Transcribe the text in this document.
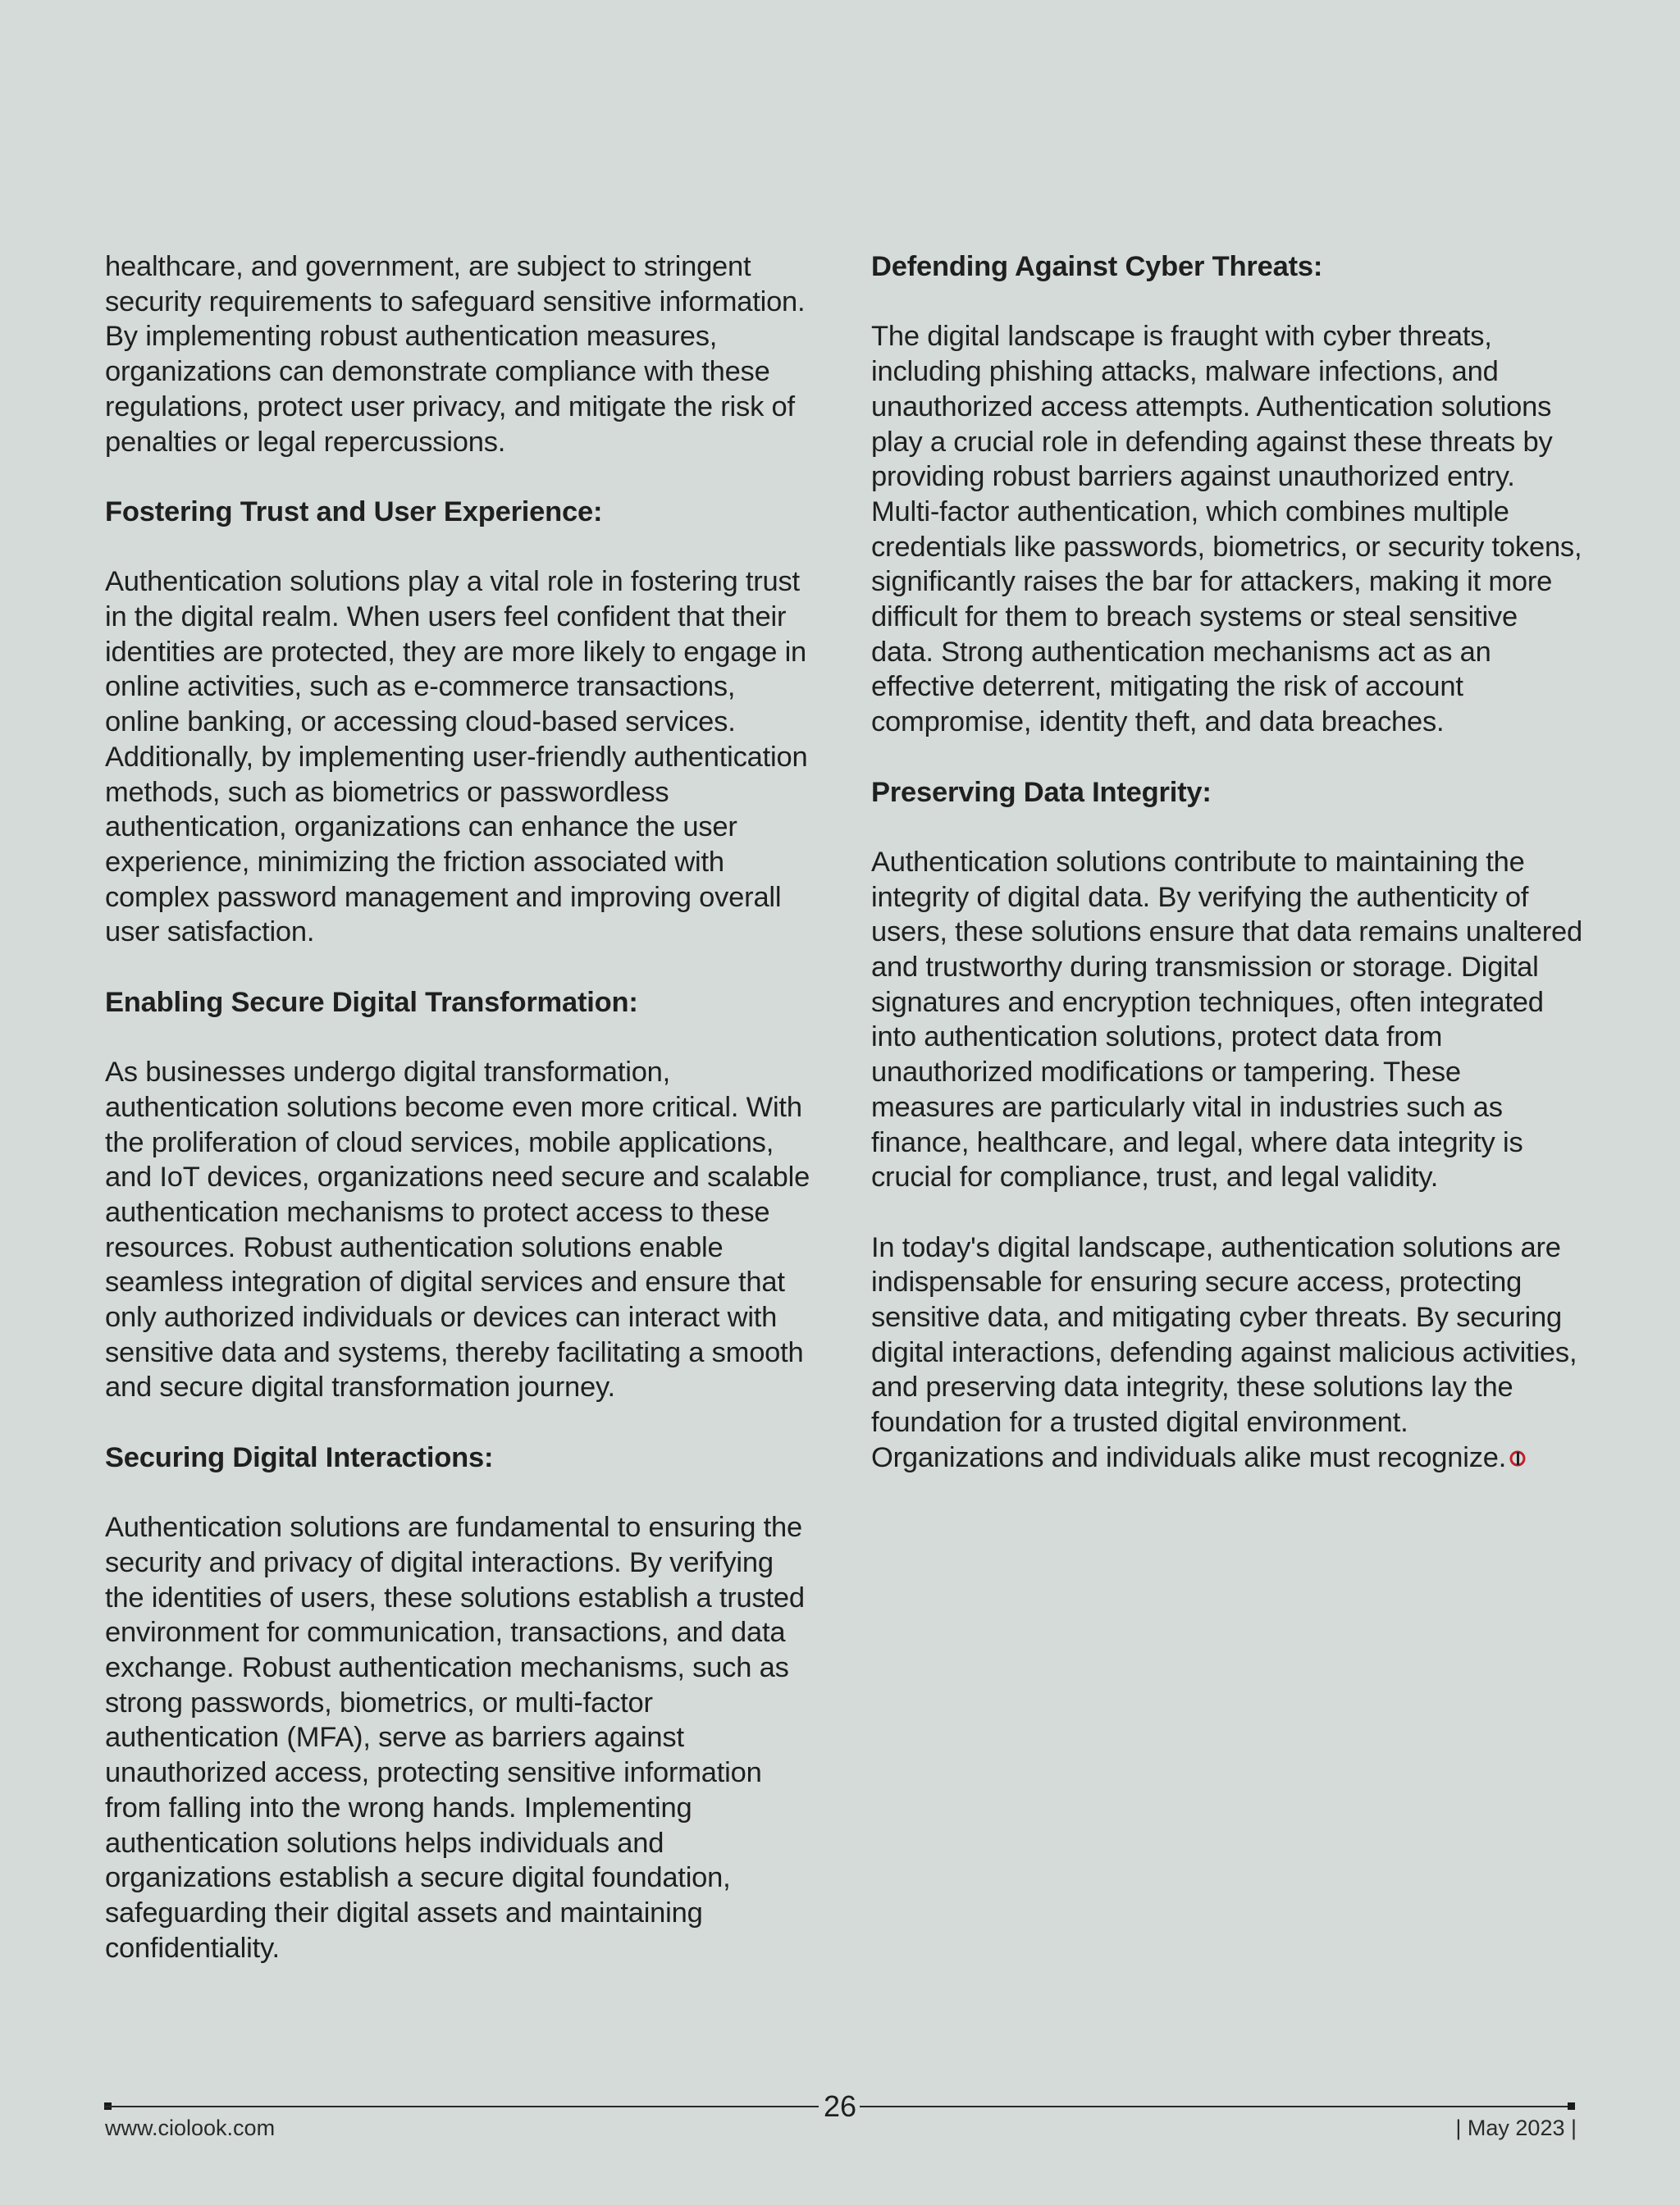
healthcare, and government, are subject to stringent security requirements to safeguard sensitive information. By implementing robust authentication measures, organizations can demonstrate compliance with these regulations, protect user privacy, and mitigate the risk of penalties or legal repercussions.

Fostering Trust and User Experience:

Authentication solutions play a vital role in fostering trust in the digital realm. When users feel confident that their identities are protected, they are more likely to engage in online activities, such as e-commerce transactions, online banking, or accessing cloud-based services. Additionally, by implementing user-friendly authentication methods, such as biometrics or passwordless authentication, organizations can enhance the user experience, minimizing the friction associated with complex password management and improving overall user satisfaction.

Enabling Secure Digital Transformation:

As businesses undergo digital transformation, authentication solutions become even more critical. With the proliferation of cloud services, mobile applications, and IoT devices, organizations need secure and scalable authentication mechanisms to protect access to these resources. Robust authentication solutions enable seamless integration of digital services and ensure that only authorized individuals or devices can interact with sensitive data and systems, thereby facilitating a smooth and secure digital transformation journey.

Securing Digital Interactions:

Authentication solutions are fundamental to ensuring the security and privacy of digital interactions. By verifying the identities of users, these solutions establish a trusted environment for communication, transactions, and data exchange. Robust authentication mechanisms, such as strong passwords, biometrics, or multi-factor authentication (MFA), serve as barriers against unauthorized access, protecting sensitive information from falling into the wrong hands. Implementing authentication solutions helps individuals and organizations establish a secure digital foundation, safeguarding their digital assets and maintaining confidentiality.

Defending Against Cyber Threats:

The digital landscape is fraught with cyber threats, including phishing attacks, malware infections, and unauthorized access attempts. Authentication solutions play a crucial role in defending against these threats by providing robust barriers against unauthorized entry. Multi-factor authentication, which combines multiple credentials like passwords, biometrics, or security tokens, significantly raises the bar for attackers, making it more difficult for them to breach systems or steal sensitive data. Strong authentication mechanisms act as an effective deterrent, mitigating the risk of account compromise, identity theft, and data breaches.

Preserving Data Integrity:

Authentication solutions contribute to maintaining the integrity of digital data. By verifying the authenticity of users, these solutions ensure that data remains unaltered and trustworthy during transmission or storage. Digital signatures and encryption techniques, often integrated into authentication solutions, protect data from unauthorized modifications or tampering. These measures are particularly vital in industries such as finance, healthcare, and legal, where data integrity is crucial for compliance, trust, and legal validity.

In today's digital landscape, authentication solutions are indispensable for ensuring secure access, protecting sensitive data, and mitigating cyber threats. By securing digital interactions, defending against malicious activities, and preserving data integrity, these solutions lay the foundation for a trusted digital environment. Organizations and individuals alike must recognize.

26
www.ciolook.com	| May 2023 |
